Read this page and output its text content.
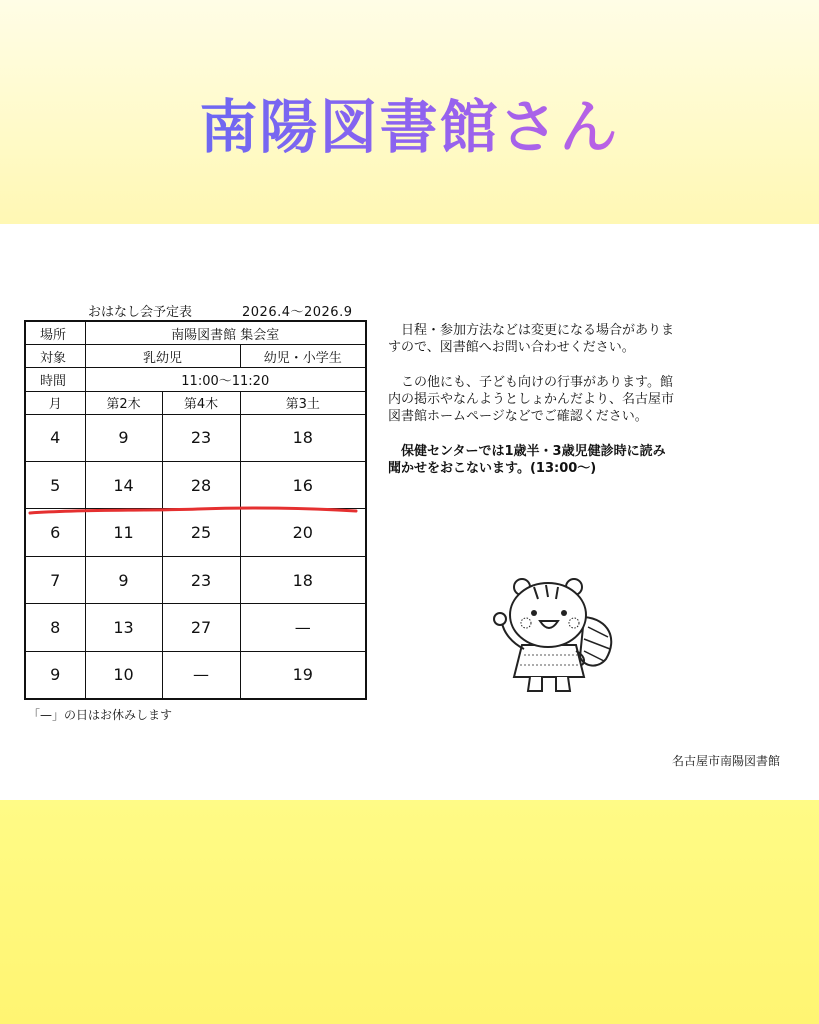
南陽図書館さん
おはなし会予定表	2026.4～2026.9
場所	南陽図書館 集会室		
対象	乳幼児		幼児・小学生
時間	11:00～11:20		
月	第2木	第4木	第3土
4	9	23	18
5	14	28	16
6	11	25	20
7	9	23	18
8	13	27	—
9	10	—	19
「—」の日はお休みします

日程・参加方法などは変更になる場合がありますので、図書館へお問い合わせください。

この他にも、子ども向けの行事があります。館内の掲示やなんようとしょかんだより、名古屋市図書館ホームページなどでご確認ください。

保健センターでは1歳半・3歳児健診時に読み聞かせをおこないます。(13:00～)

名古屋市南陽図書館
